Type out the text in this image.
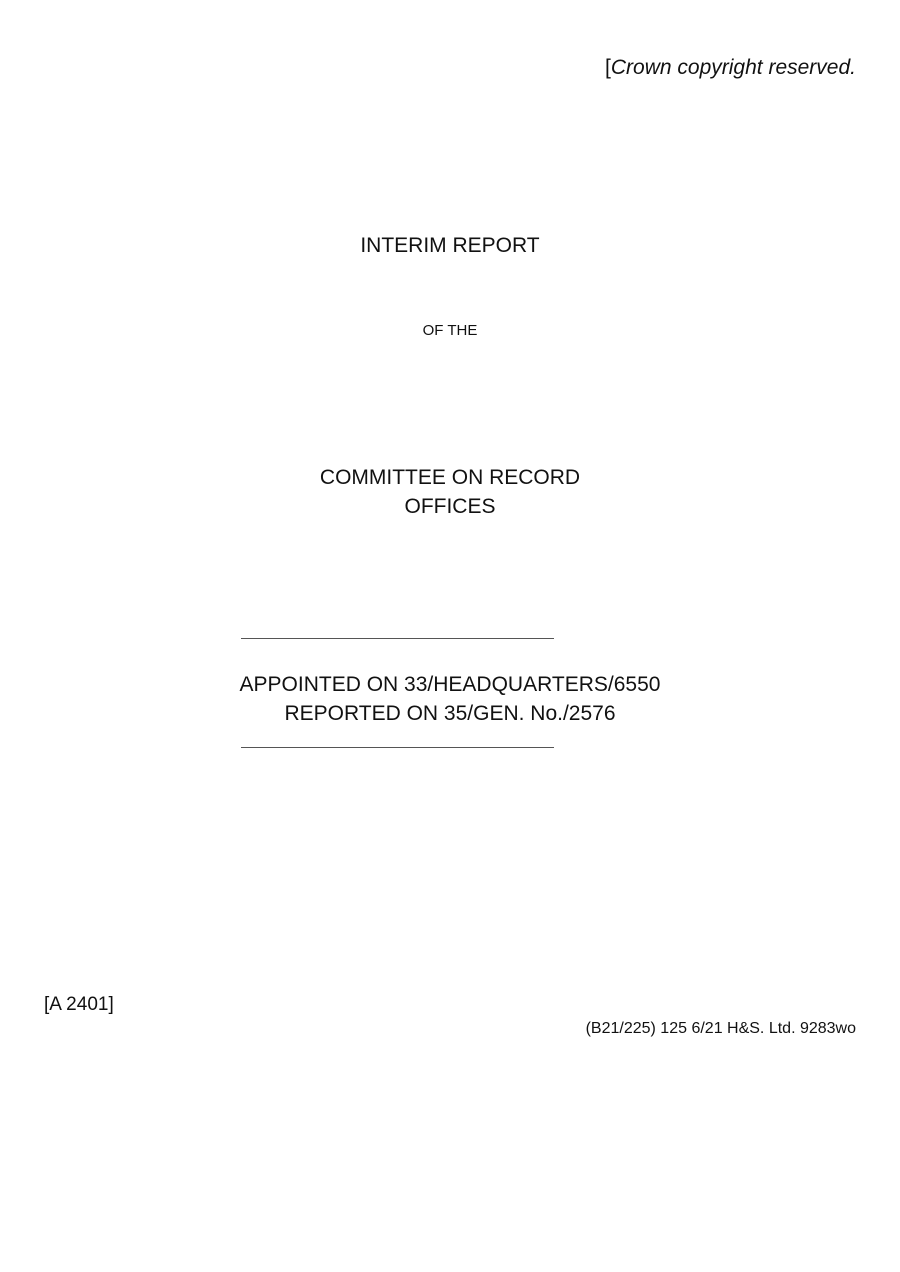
[Crown copyright reserved.
INTERIM REPORT
OF THE
COMMITTEE ON RECORD
OFFICES
APPOINTED ON 33/HEADQUARTERS/6550
REPORTED ON 35/GEN. No./2576
[A 2401]
(B21/225) 125 6/21 H&S. Ltd. 9283wo
